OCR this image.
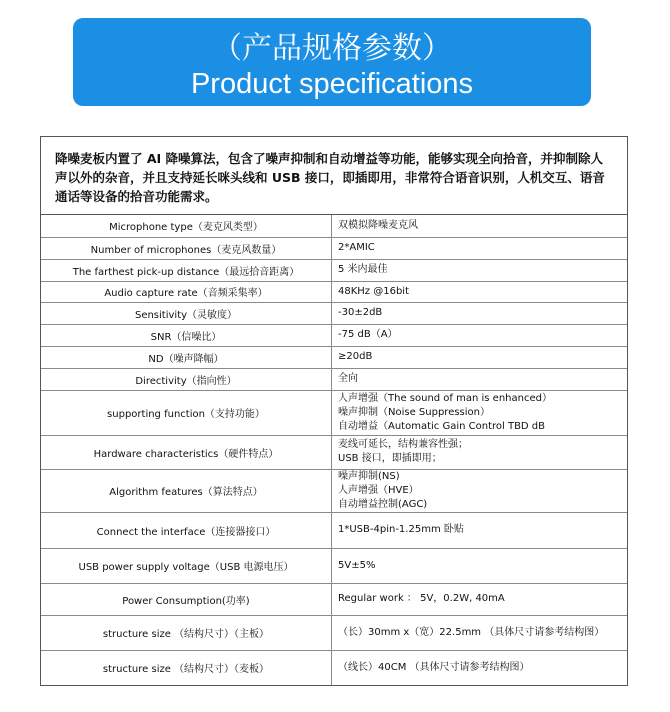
（产品规格参数）
Product specifications
降噪麦板内置了 AI 降噪算法，包含了噪声抑制和自动增益等功能，能够实现全向拾音，并抑制除人声以外的杂音，并且支持延长咪头线和 USB 接口，即插即用，非常符合语音识别，人机交互、语音通话等设备的拾音功能需求。
Microphone type（麦克风类型）	双模拟降噪麦克风

Number of microphones（麦克风数量）	2*AMIC

The farthest pick-up distance（最远拾音距离）	5 米内最佳

Audio capture rate（音频采集率）	48KHz @16bit

Sensitivity（灵敏度）	-30±2dB

SNR（信噪比）	-75 dB（A）

ND（噪声降幅）	≥20dB

Directivity（指向性）	全向

supporting function（支持功能）	人声增强（The sound of man is enhanced）
噪声抑制（Noise Suppression）
自动增益（Automatic Gain Control TBD dB

Hardware characteristics（硬件特点）	麦线可延长，结构兼容性强；
USB 接口，即插即用；

Algorithm features（算法特点）	噪声抑制(NS)
人声增强（HVE）
自动增益控制(AGC)

Connect the interface（连接器接口）	1*USB-4pin-1.25mm 卧贴

USB power supply voltage（USB 电源电压）	5V±5%

Power Consumption(功率)	Regular work ： 5V，0.2W, 40mA

structure size （结构尺寸）（主板）	（长）30mm x（宽）22.5mm （具体尺寸请参考结构图）

structure size （结构尺寸）（麦板）	（线长）40CM （具体尺寸请参考结构图）
